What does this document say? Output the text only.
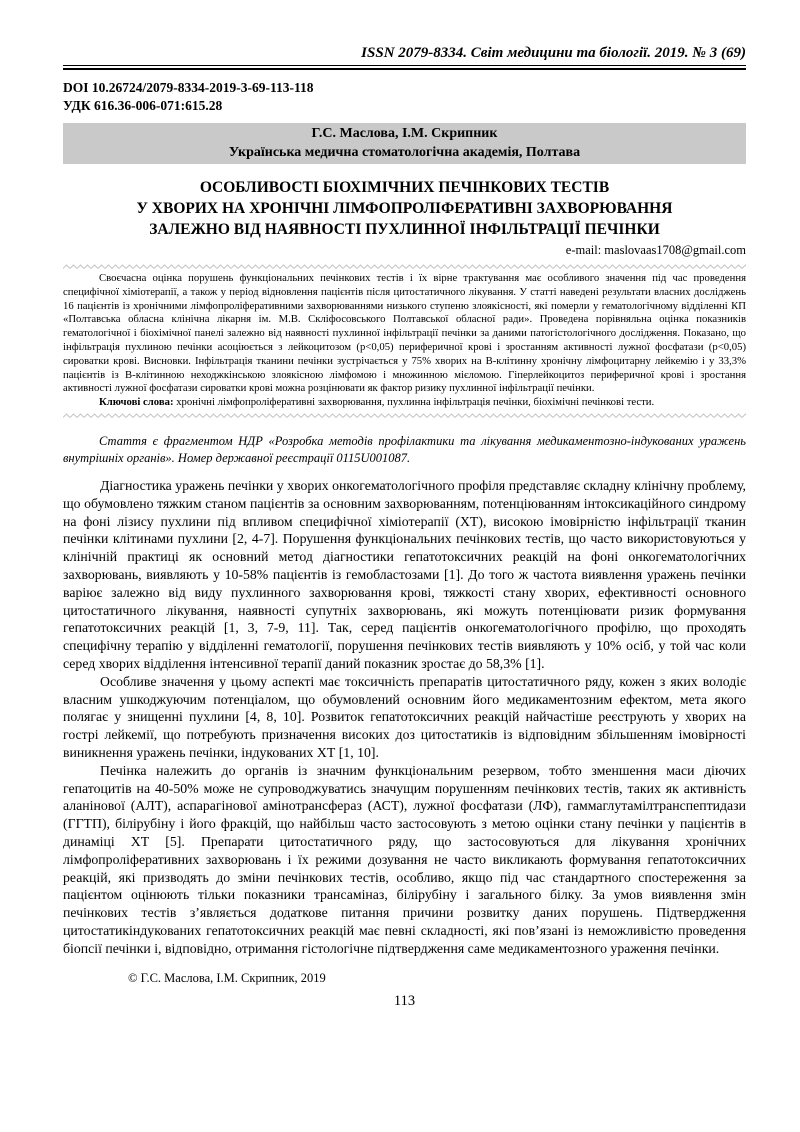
ISSN 2079-8334. Світ медицини та біології. 2019. № 3 (69)
DOI 10.26724/2079-8334-2019-3-69-113-118
УДК 616.36-006-071:615.28
Г.С. Маслова, І.М. Скрипник
Українська медична стоматологічна академія, Полтава
ОСОБЛИВОСТІ БІОХІМІЧНИХ ПЕЧІНКОВИХ ТЕСТІВ
У ХВОРИХ НА ХРОНІЧНІ ЛІМФОПРОЛІФЕРАТИВНІ ЗАХВОРЮВАННЯ
ЗАЛЕЖНО ВІД НАЯВНОСТІ ПУХЛИННОЇ ІНФІЛЬТРАЦІЇ ПЕЧІНКИ
e-mail: maslovaas1708@gmail.com

Своєчасна оцінка порушень функціональних печінкових тестів і їх вірне трактування має особливого значення під час проведення специфічної хіміотерапії, а також у період відновлення пацієнтів після цитостатичного лікування. У статті наведені результати власних досліджень 16 пацієнтів із хронічними лімфопроліферативними захворюваннями низького ступеню злоякісності, які померли у гематологічному відділенні КП «Полтавська обласна клінічна лікарня ім. М.В. Скліфосовського Полтавської обласної ради». Проведена порівняльна оцінка показників гематологічної і біохімічної панелі залежно від наявності пухлинної інфільтрації печінки за даними патогістологічного дослідження. Показано, що інфільтрація пухлиною печінки асоціюється з лейкоцитозом (р<0,05) периферичної крові і зростанням активності лужної фосфатази (р<0,05) сироватки крові. Висновки. Інфільтрація тканини печінки зустрічається у 75% хворих на В-клітинну хронічну лімфоцитарну лейкемію і у 33,3% пацієнтів із В-клітинною неходжкінською злоякісною лімфомою і множинною мієломою. Гіперлейкоцитоз периферичної крові і зростання активності лужної фосфатази сироватки крові можна розцінювати як фактор ризику пухлинної інфільтрації печінки.

Ключові слова: хронічні лімфопроліферативні захворювання, пухлинна інфільтрація печінки, біохімічні печінкові тести.

Стаття є фрагментом НДР «Розробка методів профілактики та лікування медикаментозно-індукованих уражень внутрішніх органів». Номер державної реєстрації 0115U001087.

Діагностика уражень печінки у хворих онкогематологічного профіля представляє складну клінічну проблему, що обумовлено тяжким станом пацієнтів за основним захворюванням, потенціюванням інтоксикаційного синдрому на фоні лізису пухлини під впливом специфічної хіміотерапії (ХТ), високою імовірністю інфільтрації тканин печінки клітинами пухлини [2, 4-7]. Порушення функціональних печінкових тестів, що часто використовуються у клінічній практиці як основний метод діагностики гепатотоксичних реакцій на фоні онкогематологічних захворювань, виявляють у 10-58% пацієнтів із гемобластозами [1]. До того ж частота виявлення уражень печінки варіює залежно від виду пухлинного захворювання крові, тяжкості стану хворих, ефективності основного цитостатичного лікування, наявності супутніх захворювань, які можуть потенціювати ризик формування гепатотоксичних реакцій [1, 3, 7-9, 11]. Так, серед пацієнтів онкогематологічного профілю, що проходять специфічну терапію у відділенні гематології, порушення печінкових тестів виявляють у 10% осіб, у той час коли серед хворих відділення інтенсивної терапії даний показник зростає до 58,3% [1].

Особливе значення у цьому аспекті має токсичність препаратів цитостатичного ряду, кожен з яких володіє власним ушкоджуючим потенціалом, що обумовлений основним його медикаментозним ефектом, мета якого полягає у знищенні пухлини [4, 8, 10]. Розвиток гепатотоксичних реакцій найчастіше реєструють у хворих на гострі лейкемії, що потребують призначення високих доз цитостатиків із відповідним збільшенням імовірності виникнення уражень печінки, індукованих ХТ [1, 10].

Печінка належить до органів із значним функціональним резервом, тобто зменшення маси діючих гепатоцитів на 40-50% може не супроводжуватись значущим порушенням печінкових тестів, таких як активність аланінової (АЛТ), аспарагінової амінотрансфераз (АСТ), лужної фосфатази (ЛФ), гаммаглутамілтранспептидази (ГГТП), білірубіну і його фракцій, що найбільш часто застосовують з метою оцінки стану печінки у пацієнтів в динаміці ХТ [5]. Препарати цитостатичного ряду, що застосовуються для лікування хронічних лімфопроліферативних захворювань і їх режими дозування не часто викликають формування гепатотоксичних реакцій, які призводять до зміни печінкових тестів, особливо, якщо під час стандартного спостереження за пацієнтом оцінюють тільки показники трансаміназ, білірубіну і загального білку. За умов виявлення змін печінкових тестів з’являється додаткове питання причини розвитку даних порушень. Підтвердження цитостатикіндукованих гепатотоксичних реакцій має певні складності, які пов’язані із неможливістю проведення біопсії печінки і, відповідно, отримання гістологічне підтвердження саме медикаментозного ураження печінки.

© Г.С. Маслова, І.М. Скрипник, 2019
113
